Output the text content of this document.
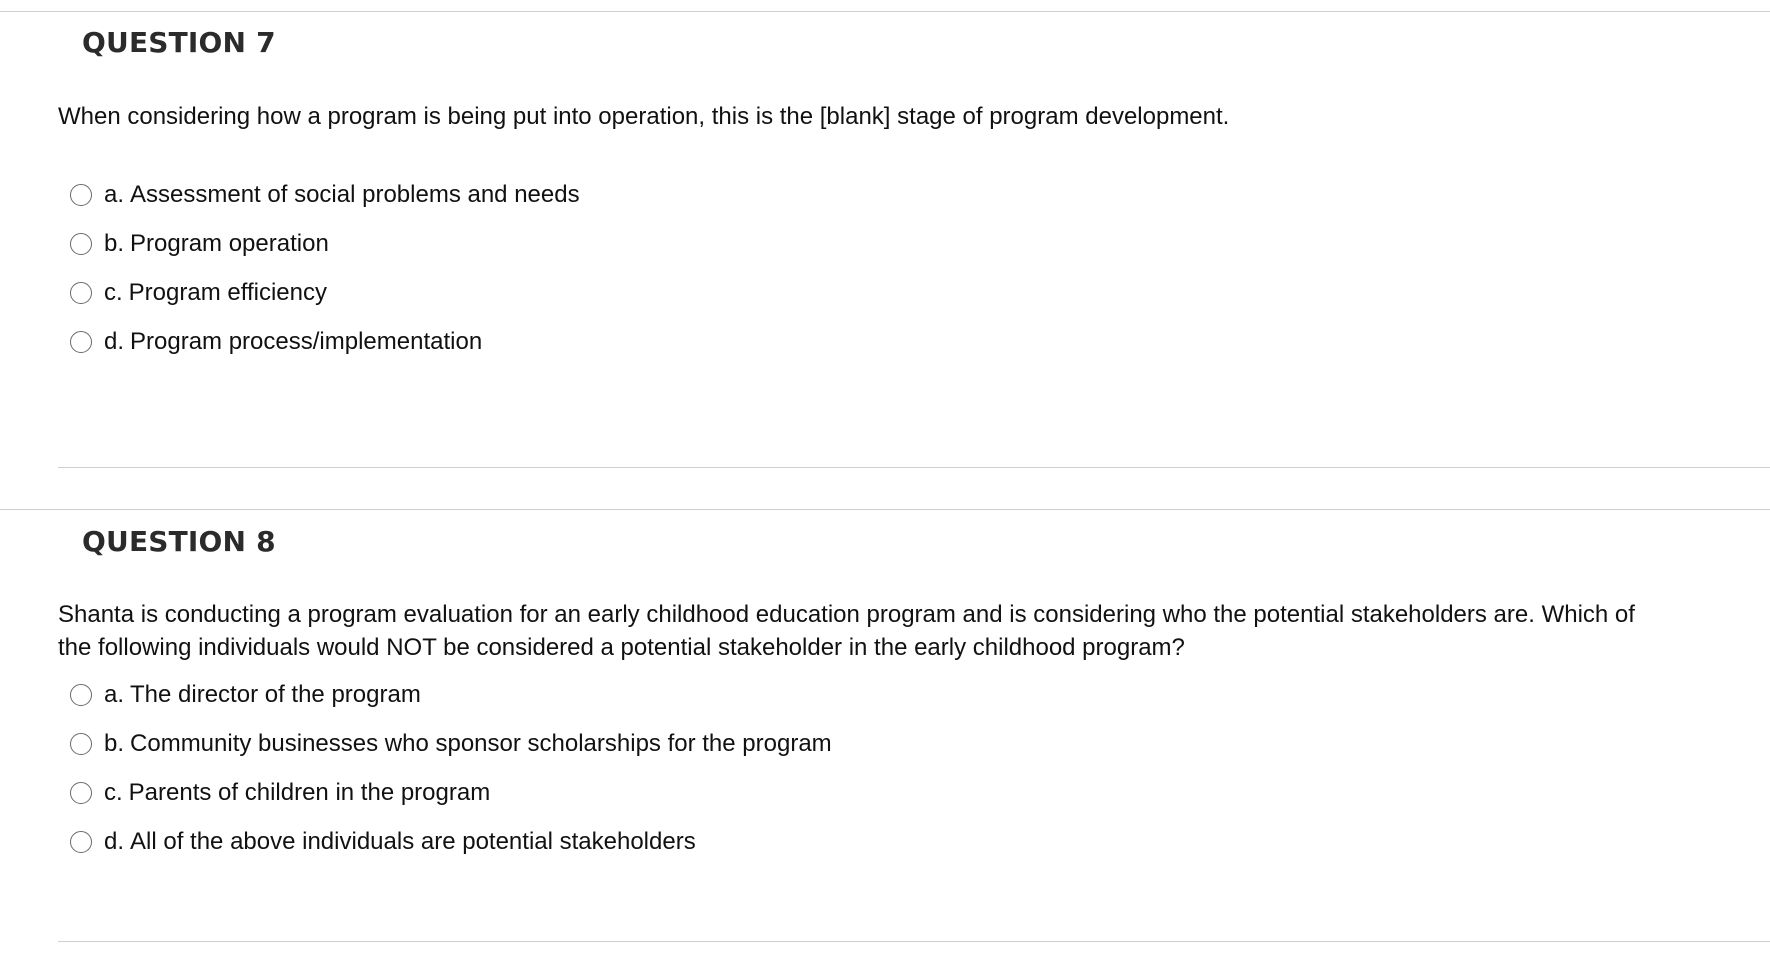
QUESTION 7

When considering how a program is being put into operation, this is the [blank] stage of program development.

a. Assessment of social problems and needs
b. Program operation
c. Program efficiency
d. Program process/implementation
QUESTION 8

Shanta is conducting a program evaluation for an early childhood education program and is considering who the potential stakeholders are. Which of the following individuals would NOT be considered a potential stakeholder in the early childhood program?

a. The director of the program
b. Community businesses who sponsor scholarships for the program
c. Parents of children in the program
d. All of the above individuals are potential stakeholders
